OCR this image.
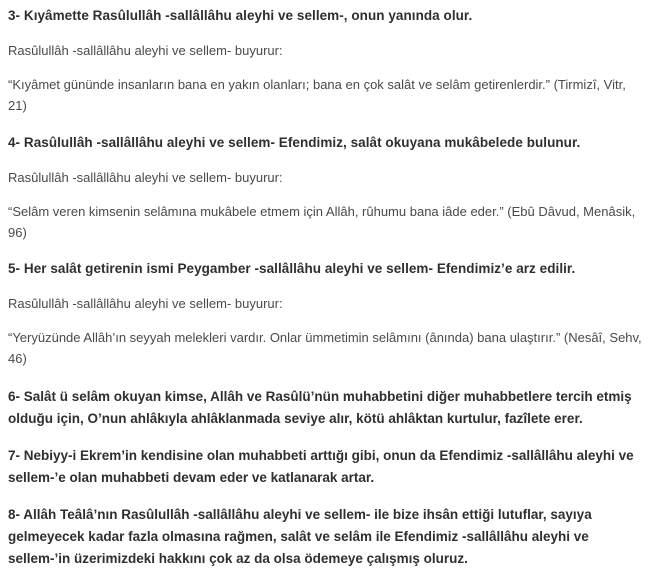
3- Kıyâmette Rasûlullâh -sallâllâhu aleyhi ve sellem-, onun yanında olur.

Rasûlullâh -sallâllâhu aleyhi ve sellem- buyurur:

“Kıyâmet gününde insanların bana en yakın olanları; bana en çok salât ve selâm getirenlerdir.” (Tirmizî, Vitr, 21)

4- Rasûlullâh -sallâllâhu aleyhi ve sellem- Efendimiz, salât okuyana mukâbelede bulunur.

Rasûlullâh -sallâllâhu aleyhi ve sellem- buyurur:

“Selâm veren kimsenin selâmına mukâbele etmem için Allâh, rûhumu bana iâde eder.” (Ebû Dâvud, Menâsik, 96)

5- Her salât getirenin ismi Peygamber -sallâllâhu aleyhi ve sellem- Efendimiz’e arz edilir.

Rasûlullâh -sallâllâhu aleyhi ve sellem- buyurur:

“Yeryüzünde Allâh’ın seyyah melekleri vardır. Onlar ümmetimin selâmını (ânında) bana ulaştırır.” (Nesâî, Sehv, 46)

6- Salât ü selâm okuyan kimse, Allâh ve Rasûlü’nün muhabbetini diğer muhabbetlere tercih etmiş olduğu için, O’nun ahlâkıyla ahlâklanmada seviye alır, kötü ahlâktan kurtulur, fazîlete erer.

7- Nebiyy-i Ekrem’in kendisine olan muhabbeti arttığı gibi, onun da Efendimiz -sallâllâhu aleyhi ve sellem-’e olan muhabbeti devam eder ve katlanarak artar.

8- Allâh Teâlâ’nın Rasûlullâh -sallâllâhu aleyhi ve sellem- ile bize ihsân ettiği lutuflar, sayıya gelmeyecek kadar fazla olmasına rağmen, salât ve selâm ile Efendimiz -sallâllâhu aleyhi ve sellem-’in üzerimizdeki hakkını çok az da olsa ödemeye çalışmış oluruz.
